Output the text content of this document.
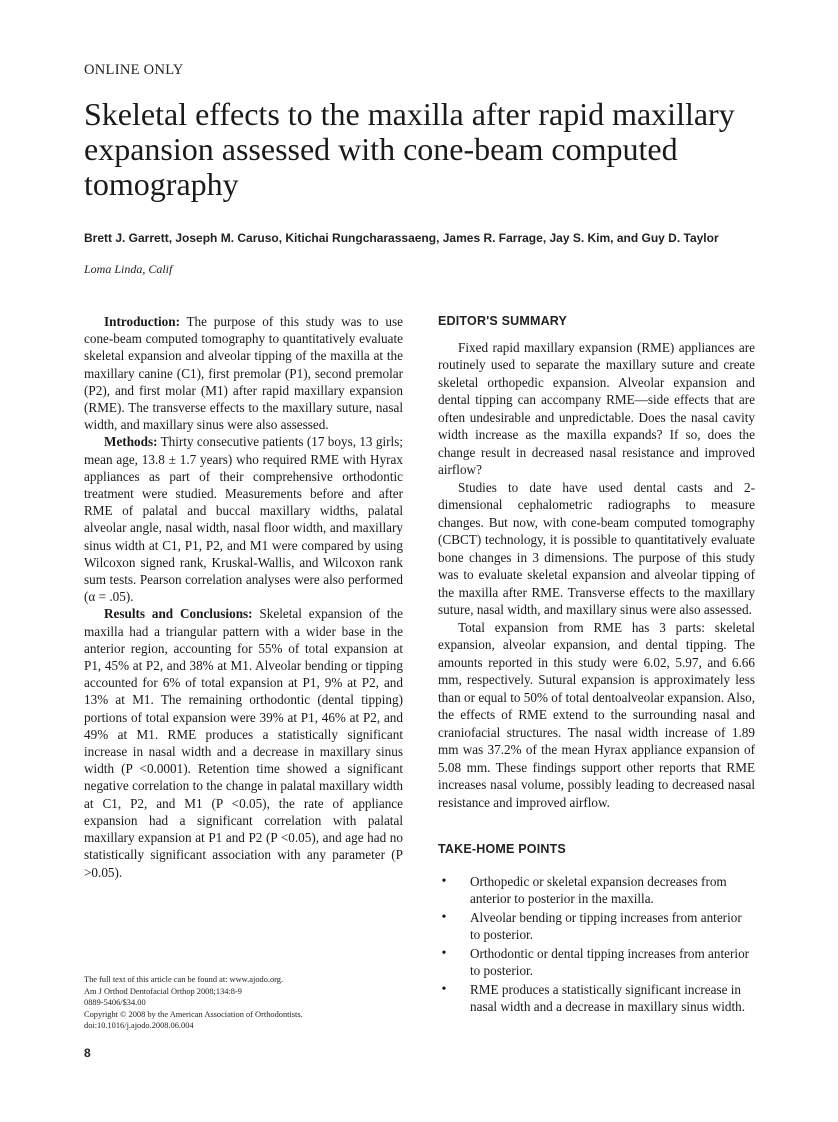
ONLINE ONLY
Skeletal effects to the maxilla after rapid maxillary expansion assessed with cone-beam computed tomography
Brett J. Garrett, Joseph M. Caruso, Kitichai Rungcharassaeng, James R. Farrage, Jay S. Kim, and Guy D. Taylor
Loma Linda, Calif

Introduction: The purpose of this study was to use cone-beam computed tomography to quantitatively evaluate skeletal expansion and alveolar tipping of the maxilla at the maxillary canine (C1), first premolar (P1), second premolar (P2), and first molar (M1) after rapid maxillary expansion (RME). The transverse effects to the maxillary suture, nasal width, and maxillary sinus were also assessed.

Methods: Thirty consecutive patients (17 boys, 13 girls; mean age, 13.8 ± 1.7 years) who required RME with Hyrax appliances as part of their comprehensive orthodontic treatment were studied. Measurements before and after RME of palatal and buccal maxillary widths, palatal alveolar angle, nasal width, nasal floor width, and maxillary sinus width at C1, P1, P2, and M1 were compared by using Wilcoxon signed rank, Kruskal-Wallis, and Wilcoxon rank sum tests. Pearson correlation analyses were also performed (α = .05).

Results and Conclusions: Skeletal expansion of the maxilla had a triangular pattern with a wider base in the anterior region, accounting for 55% of total expansion at P1, 45% at P2, and 38% at M1. Alveolar bending or tipping accounted for 6% of total expansion at P1, 9% at P2, and 13% at M1. The remaining orthodontic (dental tipping) portions of total expansion were 39% at P1, 46% at P2, and 49% at M1. RME produces a statistically significant increase in nasal width and a decrease in maxillary sinus width (P <0.0001). Retention time showed a significant negative correlation to the change in palatal maxillary width at C1, P2, and M1 (P <0.05), the rate of appliance expansion had a significant correlation with palatal maxillary expansion at P1 and P2 (P <0.05), and age had no statistically significant association with any parameter (P >0.05).

EDITOR'S SUMMARY

Fixed rapid maxillary expansion (RME) appliances are routinely used to separate the maxillary suture and create skeletal orthopedic expansion. Alveolar expansion and dental tipping can accompany RME—side effects that are often undesirable and unpredictable. Does the nasal cavity width increase as the maxilla expands? If so, does the change result in decreased nasal resistance and improved airflow?

Studies to date have used dental casts and 2-dimensional cephalometric radiographs to measure changes. But now, with cone-beam computed tomography (CBCT) technology, it is possible to quantitatively evaluate bone changes in 3 dimensions. The purpose of this study was to evaluate skeletal expansion and alveolar tipping of the maxilla after RME. Transverse effects to the maxillary suture, nasal width, and maxillary sinus were also assessed.

Total expansion from RME has 3 parts: skeletal expansion, alveolar expansion, and dental tipping. The amounts reported in this study were 6.02, 5.97, and 6.66 mm, respectively. Sutural expansion is approximately less than or equal to 50% of total dentoalveolar expansion. Also, the effects of RME extend to the surrounding nasal and craniofacial structures. The nasal width increase of 1.89 mm was 37.2% of the mean Hyrax appliance expansion of 5.08 mm. These findings support other reports that RME increases nasal volume, possibly leading to decreased nasal resistance and improved airflow.

TAKE-HOME POINTS
• Orthopedic or skeletal expansion decreases from anterior to posterior in the maxilla.
• Alveolar bending or tipping increases from anterior to posterior.
• Orthodontic or dental tipping increases from anterior to posterior.
• RME produces a statistically significant increase in nasal width and a decrease in maxillary sinus width.
The full text of this article can be found at: www.ajodo.org.
Am J Orthod Dentofacial Orthop 2008;134:8-9
0889-5406/$34.00
Copyright © 2008 by the American Association of Orthodontists.
doi:10.1016/j.ajodo.2008.06.004
8
